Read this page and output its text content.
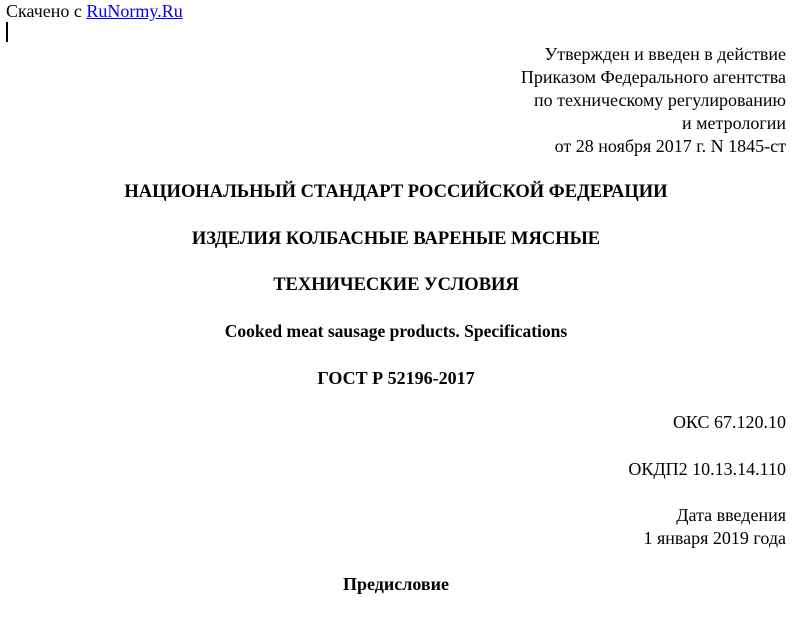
Скачено с RuNormy.Ru
Утвержден и введен в действие
Приказом Федерального агентства
по техническому регулированию
и метрологии
от 28 ноября 2017 г. N 1845-ст
НАЦИОНАЛЬНЫЙ СТАНДАРТ РОССИЙСКОЙ ФЕДЕРАЦИИ
ИЗДЕЛИЯ КОЛБАСНЫЕ ВАРЕНЫЕ МЯСНЫЕ
ТЕХНИЧЕСКИЕ УСЛОВИЯ
Cooked meat sausage products. Specifications
ГОСТ Р 52196-2017
ОКС 67.120.10
ОКДП2 10.13.14.110
Дата введения
1 января 2019 года
Предисловие
